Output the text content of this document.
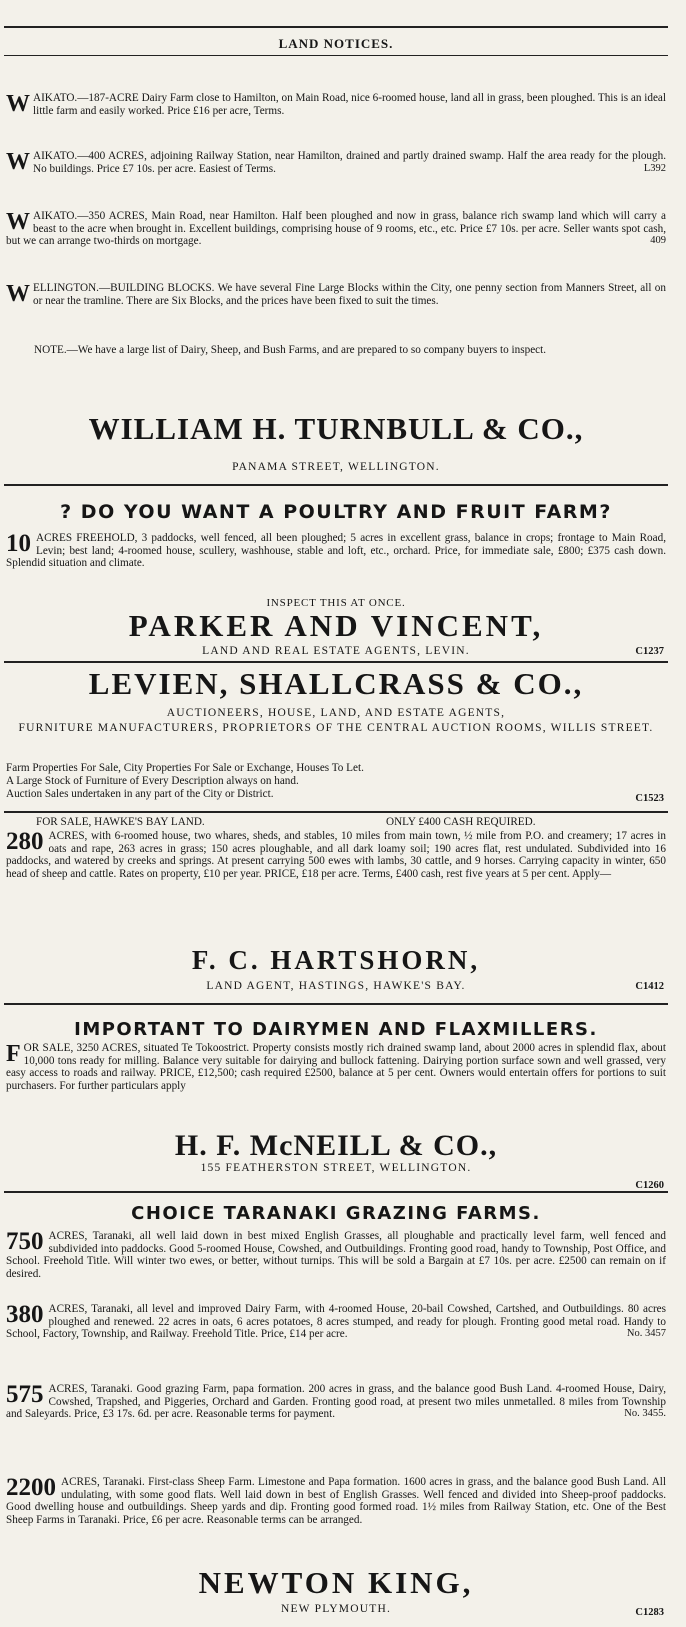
LAND NOTICES.
WAIKATO.—187-ACRE Dairy Farm close to Hamilton, on Main Road, nice 6-roomed house, land all in grass, been ploughed. This is an ideal little farm and easily worked. Price £16 per acre, Terms.
WAIKATO.—400 ACRES, adjoining Railway Station, near Hamilton, drained and partly drained swamp. Half the area ready for the plough. No buildings. Price £7 10s. per acre. Easiest of Terms.	L392
WAIKATO.—350 ACRES, Main Road, near Hamilton. Half been ploughed and now in grass, balance rich swamp land which will carry a beast to the acre when brought in. Excellent buildings, comprising house of 9 rooms, etc., etc. Price £7 10s. per acre. Seller wants spot cash, but we can arrange two-thirds on mortgage.	409
WELLINGTON.—BUILDING BLOCKS. We have several Fine Large Blocks within the City, one penny section from Manners Street, all on or near the tramline. There are Six Blocks, and the prices have been fixed to suit the times.
NOTE.—We have a large list of Dairy, Sheep, and Bush Farms, and are prepared to so company buyers to inspect.
WILLIAM H. TURNBULL & CO.,
PANAMA STREET, WELLINGTON.
? DO YOU WANT A POULTRY AND FRUIT FARM?
10 ACRES FREEHOLD, 3 paddocks, well fenced, all been ploughed; 5 acres in excellent grass, balance in crops; frontage to Main Road, Levin; best land; 4-roomed house, scullery, washhouse, stable and loft, etc., orchard. Price, for immediate sale, £800; £375 cash down. Splendid situation and climate.
INSPECT THIS AT ONCE.
PARKER AND VINCENT,
LAND AND REAL ESTATE AGENTS, LEVIN.	C1237
LEVIEN, SHALLCRASS & CO.,
AUCTIONEERS, HOUSE, LAND, AND ESTATE AGENTS,
FURNITURE MANUFACTURERS, PROPRIETORS OF THE CENTRAL AUCTION ROOMS, WILLIS STREET.
Farm Properties For Sale, City Properties For Sale or Exchange, Houses To Let.
A Large Stock of Furniture of Every Description always on hand.
Auction Sales undertaken in any part of the City or District.	C1523
FOR SALE, HAWKE'S BAY LAND.	ONLY £400 CASH REQUIRED.
280 ACRES, with 6-roomed house, two whares, sheds, and stables, 10 miles from main town, ½ mile from P.O. and creamery; 17 acres in oats and rape, 263 acres in grass; 150 acres ploughable, and all dark loamy soil; 190 acres flat, rest undulated. Subdivided into 16 paddocks, and watered by creeks and springs. At present carrying 500 ewes with lambs, 30 cattle, and 9 horses. Carrying capacity in winter, 650 head of sheep and cattle. Rates on property, £10 per year. PRICE, £18 per acre. Terms, £400 cash, rest five years at 5 per cent. Apply—
F. C. HARTSHORN,
LAND AGENT, HASTINGS, HAWKE'S BAY.	C1412
IMPORTANT TO DAIRYMEN AND FLAXMILLERS.
FOR SALE, 3250 ACRES, situated Te Tokoostrict. Property consists mostly rich drained swamp land, about 2000 acres in splendid flax, about 10,000 tons ready for milling. Balance very suitable for dairying and bullock fattening. Dairying portion surface sown and well grassed, very easy access to roads and railway. PRICE, £12,500; cash required £2500, balance at 5 per cent. Owners would entertain offers for portions to suit purchasers. For further particulars apply
H. F. McNEILL & CO.,
155 FEATHERSTON STREET, WELLINGTON.
C1260
CHOICE TARANAKI GRAZING FARMS.
750 ACRES, Taranaki, all well laid down in best mixed English Grasses, all ploughable and practically level farm, well fenced and subdivided into paddocks. Good 5-roomed House, Cowshed, and Outbuildings. Fronting good road, handy to Township, Post Office, and School. Freehold Title. Will winter two ewes, or better, without turnips. This will be sold a Bargain at £7 10s. per acre. £2500 can remain on if desired.
380 ACRES, Taranaki, all level and improved Dairy Farm, with 4-roomed House, 20-bail Cowshed, Cartshed, and Outbuildings. 80 acres ploughed and renewed. 22 acres in oats, 6 acres potatoes, 8 acres stumped, and ready for plough. Fronting good metal road. Handy to School, Factory, Township, and Railway. Freehold Title. Price, £14 per acre.	No. 3457
575 ACRES, Taranaki. Good grazing Farm, papa formation. 200 acres in grass, and the balance good Bush Land. 4-roomed House, Dairy, Cowshed, Trapshed, and Piggeries, Orchard and Garden. Fronting good road, at present two miles unmetalled. 8 miles from Township and Saleyards. Price, £3 17s. 6d. per acre. Reasonable terms for payment.	No. 3455.
2200 ACRES, Taranaki. First-class Sheep Farm. Limestone and Papa formation. 1600 acres in grass, and the balance good Bush Land. All undulating, with some good flats. Well laid down in best of English Grasses. Well fenced and divided into Sheep-proof paddocks. Good dwelling house and outbuildings. Sheep yards and dip. Fronting good formed road. 1½ miles from Railway Station, etc. One of the Best Sheep Farms in Taranaki. Price, £6 per acre. Reasonable terms can be arranged.
NEWTON KING,
NEW PLYMOUTH.	C1283
